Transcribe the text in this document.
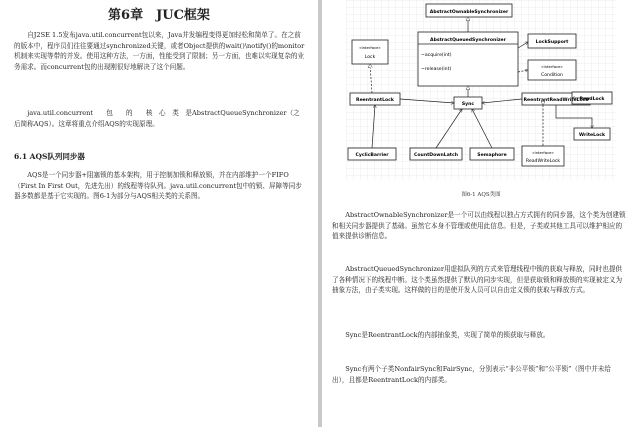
第6章　JUC框架

自J2SE 1.5发布java.util.concurrent包以来，Java并发编程变得更加轻松和简单了。在之前的版本中，程序员们往往要通过synchronized关键，或者Object提供的wait()\notify()的monitor机制来实现等带的并发。使用这种方法，一方面，性能受到了限制；另一方面，也难以实现复杂的业务需求。而concurrent包的出现刚很好地解决了这个问题。

java.util.concurrent　　包　　的　　核　心　类　是AbstractQueueSynchronizer（之后简称AQS）。这章将重点介绍AQS的实现原理。

6.1 AQS队列同步器

AQS是一个同步器+阻塞锁的基本架构，用于控制加锁和释放锁，并在内部维护一个FIFO（First In First Out，先进先出）的线程等待队列。java.util.concurrent包中的锁、屏障等同步器多数都是基于它实现的。图6-1为部分与AQS相关类的关系图。

AbstractOwnableSynchronizer
AbstractQueuedSynchronizer
~acquire(int)
~release(int)
«Interface»
Lock
LockSupport
«Interface»
Condition
ReentrantLock
Sync
ReentrantReadWriteLock
ReadLock
WriteLock
CyclicBarrier	CountDownLatch	Semaphore
«Interface»
ReadWriteLock
图6-1 AQS类图

AbstractOwnableSynchronizer是一个可以由线程以独占方式拥有的同步器，这个类为创建锁和相关同步器提供了基础。虽然它本身不管理或使用此信息。但是，子类或其他工具可以维护相应的值来提供诊断信息。

AbstractQueuedSynchronizer用虚拟队列的方式来管理线程中锁的获取与释放，同时也提供了各种情况下的线程中断。这个类虽然提供了默认的同步实现，但是获取锁和释放锁的实现被定义为抽象方法，由子类实现。这样做的目的是使开发人员可以自由定义锁的获取与释放方式。

Sync是ReentrantLock的内部抽象类，实现了简单的锁获取与释放。

Sync有两个子类NonfairSync和FairSync，分别表示“非公平锁”和“公平锁”（图中并未给出），且都是ReentrantLock的内部类。
